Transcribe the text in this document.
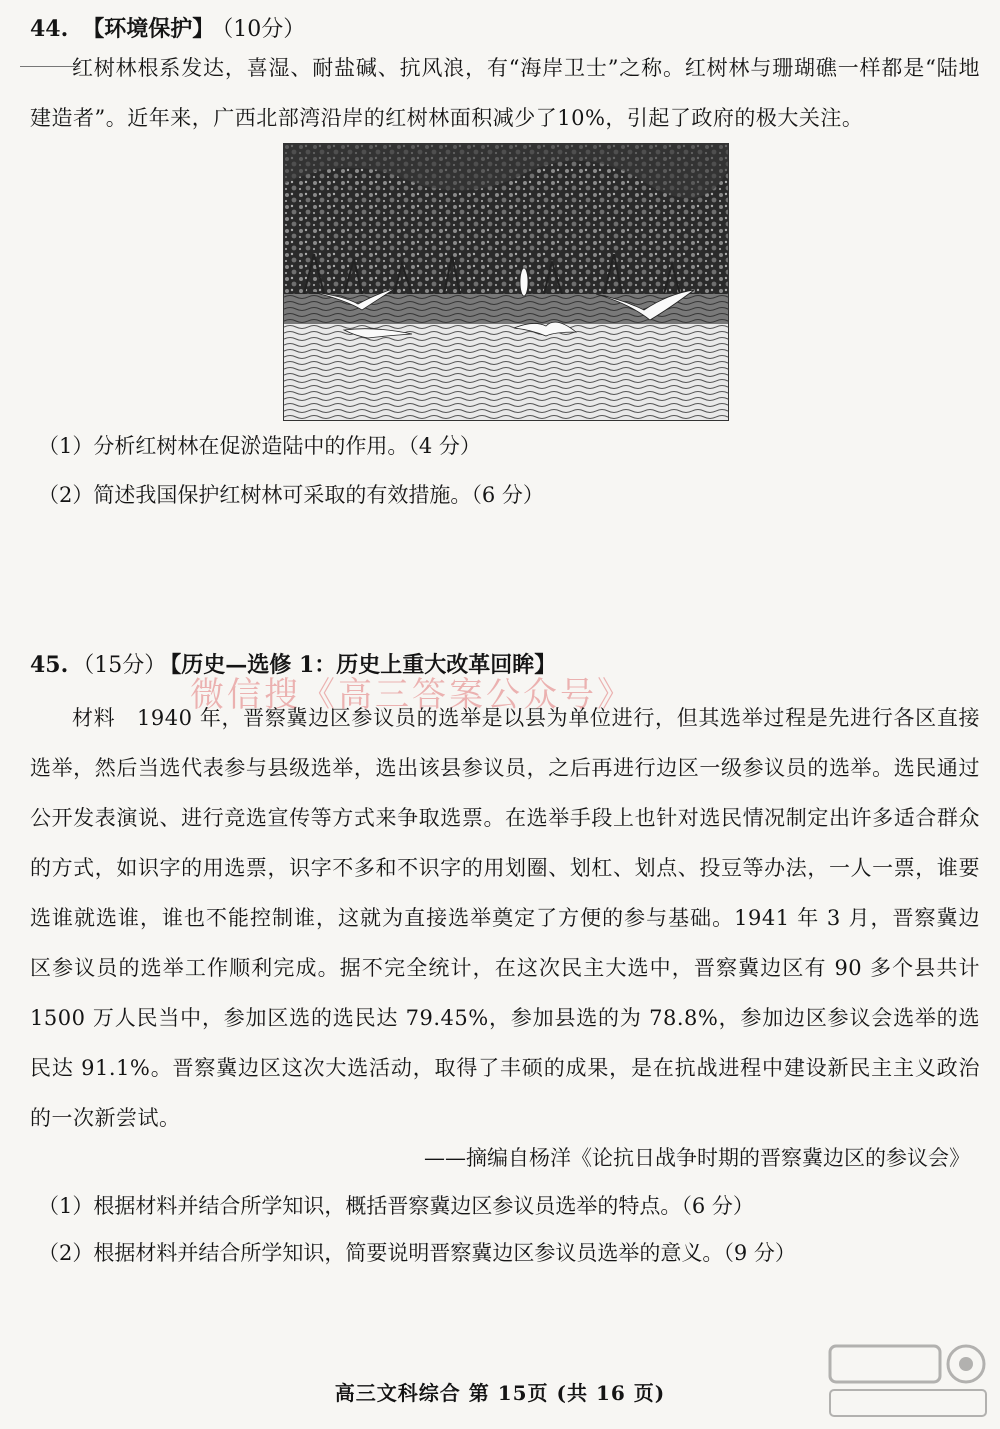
44. 【环境保护】 （10分）
红树林根系发达，喜湿、耐盐碱、抗风浪，有“海岸卫士”之称。红树林与珊瑚礁一样都是“陆地建造者”。近年来，广西北部湾沿岸的红树林面积减少了10%，引起了政府的极大关注。
（1）分析红树林在促淤造陆中的作用。（4 分）
（2）简述我国保护红树林可采取的有效措施。（6 分）
45. （15分） 【历史—选修 1：历史上重大改革回眸】
微信搜《高三答案公众号》
材料　1940 年，晋察冀边区参议员的选举是以县为单位进行，但其选举过程是先进行各区直接选举，然后当选代表参与县级选举，选出该县参议员，之后再进行边区一级参议员的选举。选民通过公开发表演说、进行竞选宣传等方式来争取选票。在选举手段上也针对选民情况制定出许多适合群众的方式，如识字的用选票，识字不多和不识字的用划圈、划杠、划点、投豆等办法，一人一票，谁要选谁就选谁，谁也不能控制谁，这就为直接选举奠定了方便的参与基础。1941 年 3 月，晋察冀边区参议员的选举工作顺利完成。据不完全统计，在这次民主大选中，晋察冀边区有 90 多个县共计 1500 万人民当中，参加区选的选民达 79.45%，参加县选的为 78.8%，参加边区参议会选举的选民达 91.1%。晋察冀边区这次大选活动，取得了丰硕的成果，是在抗战进程中建设新民主主义政治的一次新尝试。
——摘编自杨洋《论抗日战争时期的晋察冀边区的参议会》
（1）根据材料并结合所学知识，概括晋察冀边区参议员选举的特点。（6 分）
（2）根据材料并结合所学知识，简要说明晋察冀边区参议员选举的意义。（9 分）
高三文科综合 第 15页 (共 16 页)
